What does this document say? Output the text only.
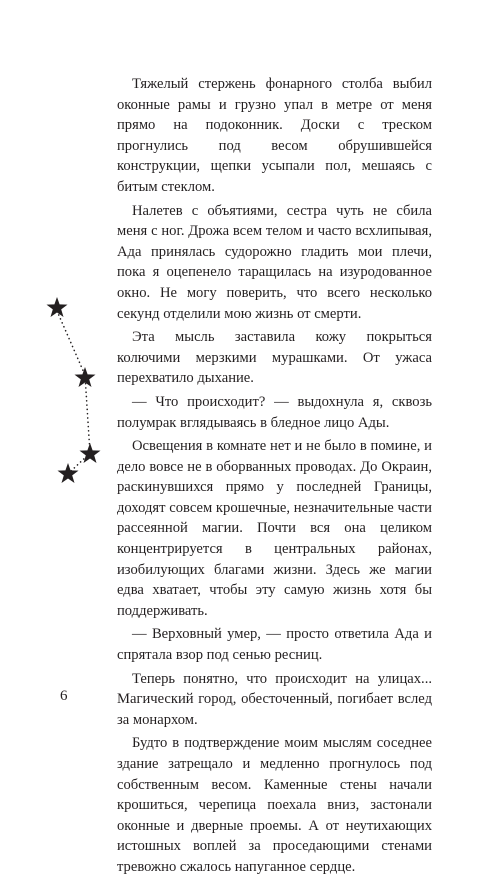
Тяжелый стержень фонарного столба выбил оконные рамы и грузно упал в метре от меня прямо на подоконник. Доски с треском прогнулись под весом обрушившейся конструкции, щепки усыпали пол, мешаясь с битым стеклом.

Налетев с объятиями, сестра чуть не сбила меня с ног. Дрожа всем телом и часто всхлипывая, Ада принялась судорожно гладить мои плечи, пока я оцепенело таращилась на изуродованное окно. Не могу поверить, что всего несколько секунд отделили мою жизнь от смерти.

Эта мысль заставила кожу покрыться колючими мерзкими мурашками. От ужаса перехватило дыхание.

— Что происходит? — выдохнула я, сквозь полумрак вглядываясь в бледное лицо Ады.

Освещения в комнате нет и не было в помине, и дело вовсе не в оборванных проводах. До Окраин, раскинувшихся прямо у последней Границы, доходят совсем крошечные, незначительные части рассеянной магии. Почти вся она целиком концентрируется в центральных районах, изобилующих благами жизни. Здесь же магии едва хватает, чтобы эту самую жизнь хотя бы поддерживать.

— Верховный умер, — просто ответила Ада и спрятала взор под сенью ресниц.

Теперь понятно, что происходит на улицах... Магический город, обесточенный, погибает вслед за монархом.

Будто в подтверждение моим мыслям соседнее здание затрещало и медленно прогнулось под собственным весом. Каменные стены начали крошиться, черепица поехала вниз, застонали оконные и дверные проемы. А от неутихающих истошных воплей за проседающими стенами тревожно сжалось напуганное сердце.

6
